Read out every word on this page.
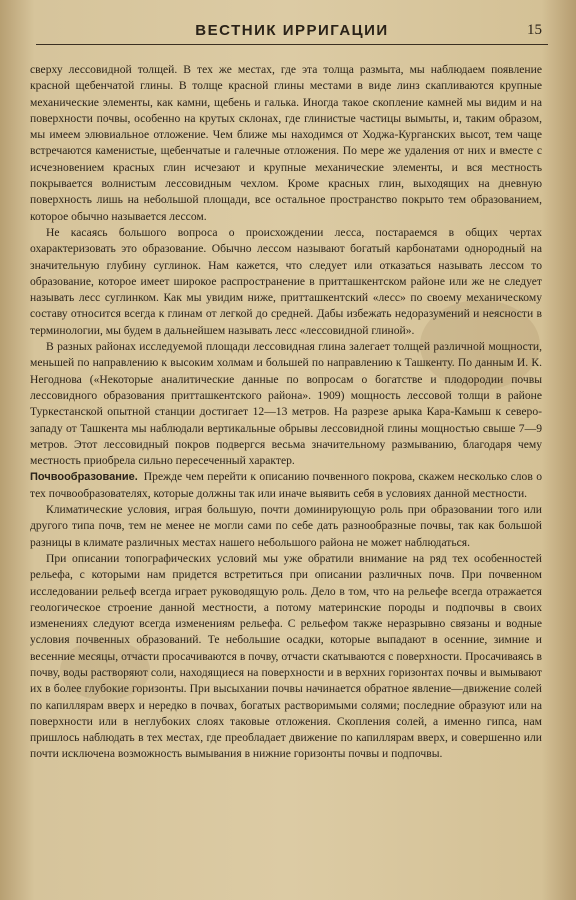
ВЕСТНИК ИРРИГАЦИИ	15

сверху лессовидной толщей. В тех же местах, где эта толща размыта, мы наблюдаем появление красной щебенчатой глины. В толще красной глины местами в виде линз скапливаются крупные механические элементы, как камни, щебень и галька. Иногда такое скопление камней мы видим и на поверхности почвы, особенно на крутых склонах, где глинистые частицы вымыты, и, таким образом, мы имеем элювиальное отложение. Чем ближе мы находимся от Ходжа-Курганских высот, тем чаще встречаются каменистые, щебенчатые и галечные отложения. По мере же удаления от них и вместе с исчезновением красных глин исчезают и крупные механические элементы, и вся местность покрывается волнистым лессовидным чехлом. Кроме красных глин, выходящих на дневную поверхность лишь на небольшой площади, все остальное пространство покрыто тем образованием, которое обычно называется лессом.

Не касаясь большого вопроса о происхождении лесса, постараемся в общих чертах охарактеризовать это образование. Обычно лессом называют богатый карбонатами однородный на значительную глубину суглинок. Нам кажется, что следует или отказаться называть лессом то образование, которое имеет широкое распространение в притташкентском районе или же не следует называть лесс суглинком. Как мы увидим ниже, притташкентский «лесс» по своему механическому составу относится всегда к глинам от легкой до средней. Дабы избежать недоразумений и неясности в терминологии, мы будем в дальнейшем называть лесс «лессовидной глиной».

В разных районах исследуемой площади лессовидная глина залегает толщей различной мощности, меньшей по направлению к высоким холмам и большей по направлению к Ташкенту. По данным И. К. Негоднова («Некоторые аналитические данные по вопросам о богатстве и плодородии почвы лессовидного образования притташкентского района». 1909) мощность лессовой толщи в районе Туркестанской опытной станции достигает 12—13 метров. На разрезе арыка Кара-Камыш к северо-западу от Ташкента мы наблюдали вертикальные обрывы лессовидной глины мощностью свыше 7—9 метров. Этот лессовидный покров подвергся весьма значительному размыванию, благодаря чему местность приобрела сильно пересеченный характер.

Почвообразование. Прежде чем перейти к описанию почвенного покрова, скажем несколько слов о тех почвообразователях, которые должны так или иначе выявить себя в условиях данной местности.

Климатические условия, играя большую, почти доминирующую роль при образовании того или другого типа почв, тем не менее не могли сами по себе дать разнообразные почвы, так как большой разницы в климате различных местах нашего небольшого района не может наблюдаться.

При описании топографических условий мы уже обратили внимание на ряд тех особенностей рельефа, с которыми нам придется встретиться при описании различных почв. При почвенном исследовании рельеф всегда играет руководящую роль. Дело в том, что на рельефе всегда отражается геологическое строение данной местности, а потому материнские породы и подпочвы в своих изменениях следуют всегда изменениям рельефа. С рельефом также неразрывно связаны и водные условия почвенных образований. Те небольшие осадки, которые выпадают в осенние, зимние и весенние месяцы, отчасти просачиваются в почву, отчасти скатываются с поверхности. Просачиваясь в почву, воды растворяют соли, находящиеся на поверхности и в верхних горизонтах почвы и вымывают их в более глубокие горизонты. При высыхании почвы начинается обратное явление—движение солей по капиллярам вверх и нередко в почвах, богатых растворимыми солями; последние образуют или на поверхности или в неглубоких слоях таковые отложения. Скопления солей, а именно гипса, нам пришлось наблюдать в тех местах, где преобладает движение по капиллярам вверх, и совершенно или почти исключена возможность вымывания в нижние горизонты почвы и подпочвы.
